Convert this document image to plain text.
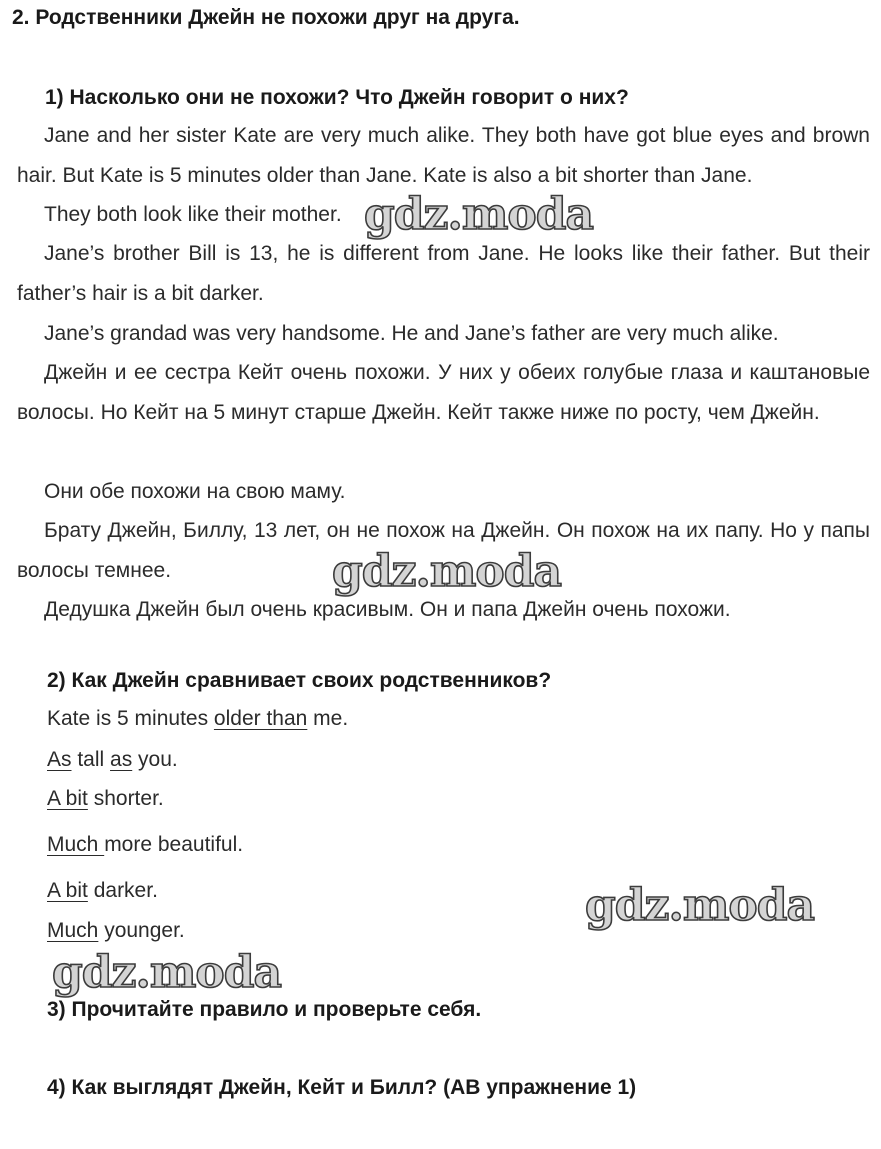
2. Родственники Джейн не похожи друг на друга.
1) Насколько они не похожи? Что Джейн говорит о них?
Jane and her sister Kate are very much alike. They both have got blue eyes and brown hair. But Kate is 5 minutes older than Jane. Kate is also a bit shorter than Jane.
They both look like their mother.
Jane’s brother Bill is 13, he is different from Jane. He looks like their father. But their father’s hair is a bit darker.
Jane’s grandad was very handsome. He and Jane’s father are very much alike.
Джейн и ее сестра Кейт очень похожи. У них у обеих голубые глаза и каштановые волосы. Но Кейт на 5 минут старше Джейн. Кейт также ниже по росту, чем Джейн.
Они обе похожи на свою маму.
Брату Джейн, Биллу, 13 лет, он не похож на Джейн. Он похож на их папу. Но у папы волосы темнее.
Дедушка Джейн был очень красивым. Он и папа Джейн очень похожи.
2) Как Джейн сравнивает своих родственников?
Kate is 5 minutes older than me.
As tall as you.
A bit shorter.
Much more beautiful.
A bit darker.
Much younger.
3) Прочитайте правило и проверьте себя.
4) Как выглядят Джейн, Кейт и Билл? (AB упражнение 1)
gdz.moda
gdz.moda
gdz.moda
gdz.moda
